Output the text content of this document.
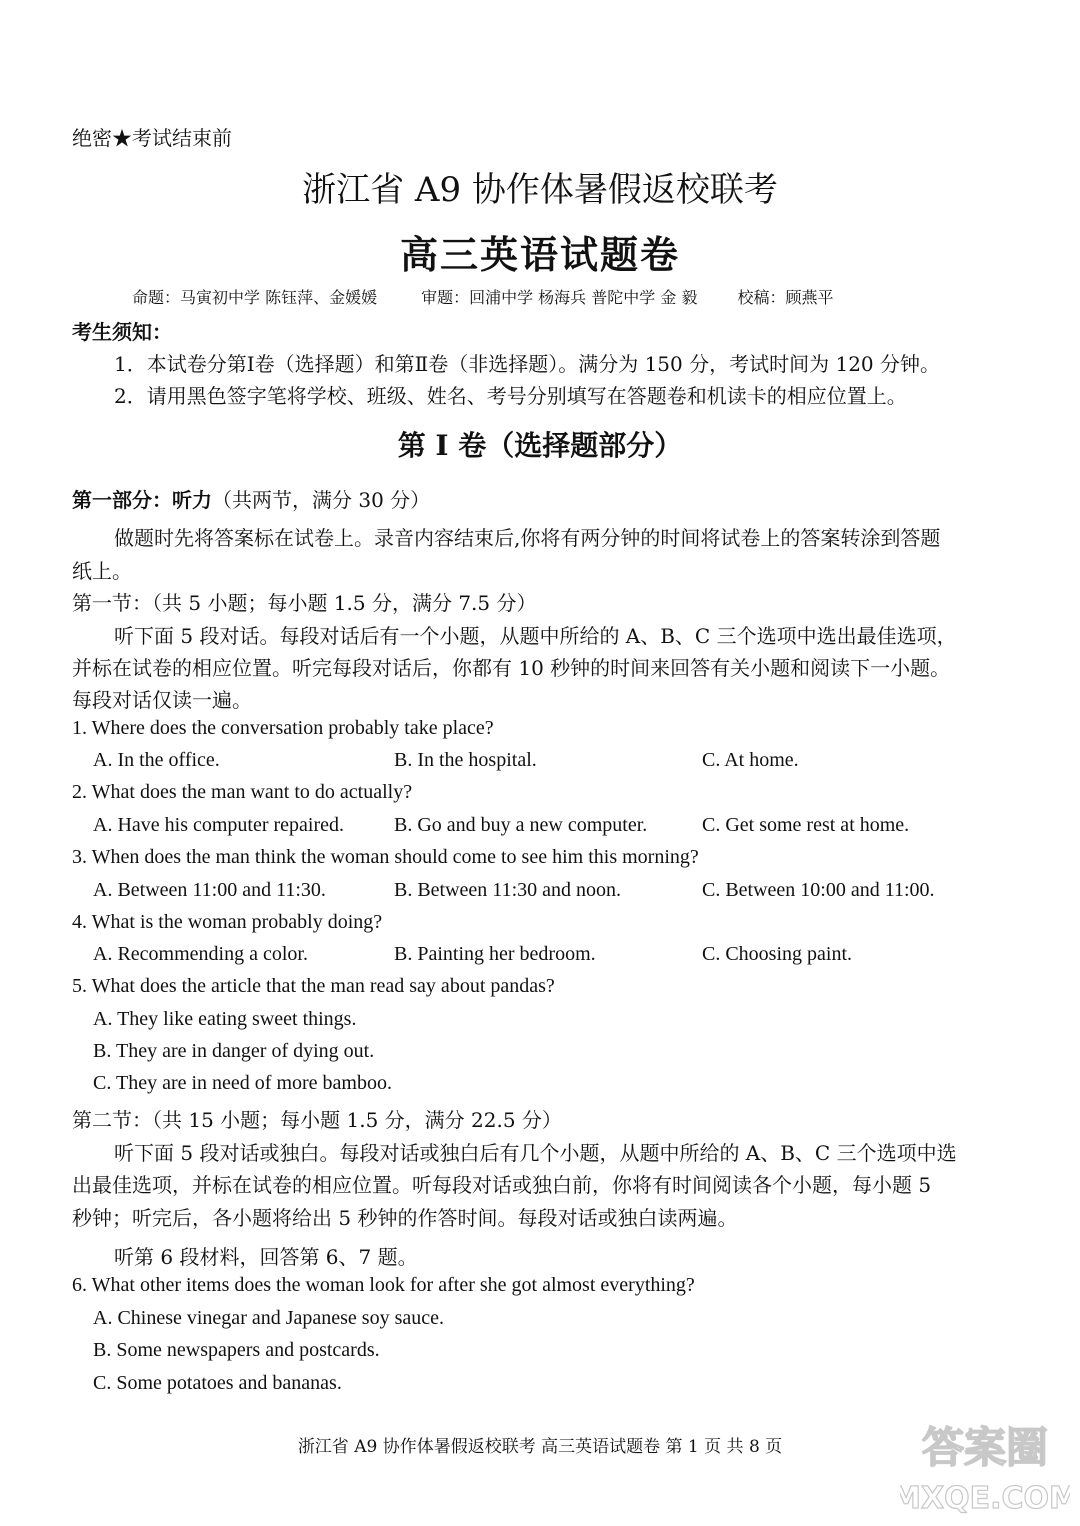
绝密★考试结束前
浙江省 A9 协作体暑假返校联考
高三英语试题卷
命题：马寅初中学 陈钰萍、金媛媛	审题：回浦中学 杨海兵 普陀中学 金 毅	校稿：顾燕平
考生须知：
1．本试卷分第Ⅰ卷（选择题）和第Ⅱ卷（非选择题）。满分为 150 分，考试时间为 120 分钟。
2．请用黑色签字笔将学校、班级、姓名、考号分别填写在答题卷和机读卡的相应位置上。
第 I 卷（选择题部分）
第一部分：听力（共两节，满分 30 分）
做题时先将答案标在试卷上。录音内容结束后,你将有两分钟的时间将试卷上的答案转涂到答题
纸上。
第一节：（共 5 小题；每小题 1.5 分，满分 7.5 分）
听下面 5 段对话。每段对话后有一个小题，从题中所给的 A、B、C 三个选项中选出最佳选项，
并标在试卷的相应位置。听完每段对话后，你都有 10 秒钟的时间来回答有关小题和阅读下一小题。
每段对话仅读一遍。
1. Where does the conversation probably take place?
A. In the office.	B. In the hospital.	C. At home.
2. What does the man want to do actually?
A. Have his computer repaired. B. Go and buy a new computer.	C. Get some rest at home.
3. When does the man think the woman should come to see him this morning?
A. Between 11:00 and 11:30.	B. Between 11:30 and noon.	C. Between 10:00 and 11:00.
4. What is the woman probably doing?
A. Recommending a color.	B. Painting her bedroom.	C. Choosing paint.
5. What does the article that the man read say about pandas?
A. They like eating sweet things.
B. They are in danger of dying out.
C. They are in need of more bamboo.
第二节：（共 15 小题；每小题 1.5 分，满分 22.5 分）
听下面 5 段对话或独白。每段对话或独白后有几个小题，从题中所给的 A、B、C 三个选项中选
出最佳选项，并标在试卷的相应位置。听每段对话或独白前，你将有时间阅读各个小题，每小题 5
秒钟；听完后，各小题将给出 5 秒钟的作答时间。每段对话或独白读两遍。
听第 6 段材料，回答第 6、7 题。
6. What other items does the woman look for after she got almost everything?
A. Chinese vinegar and Japanese soy sauce.
B. Some newspapers and postcards.
C. Some potatoes and bananas.
浙江省 A9 协作体暑假返校联考 高三英语试题卷 第 1 页 共 8 页	答案圈
MXQE.COM
